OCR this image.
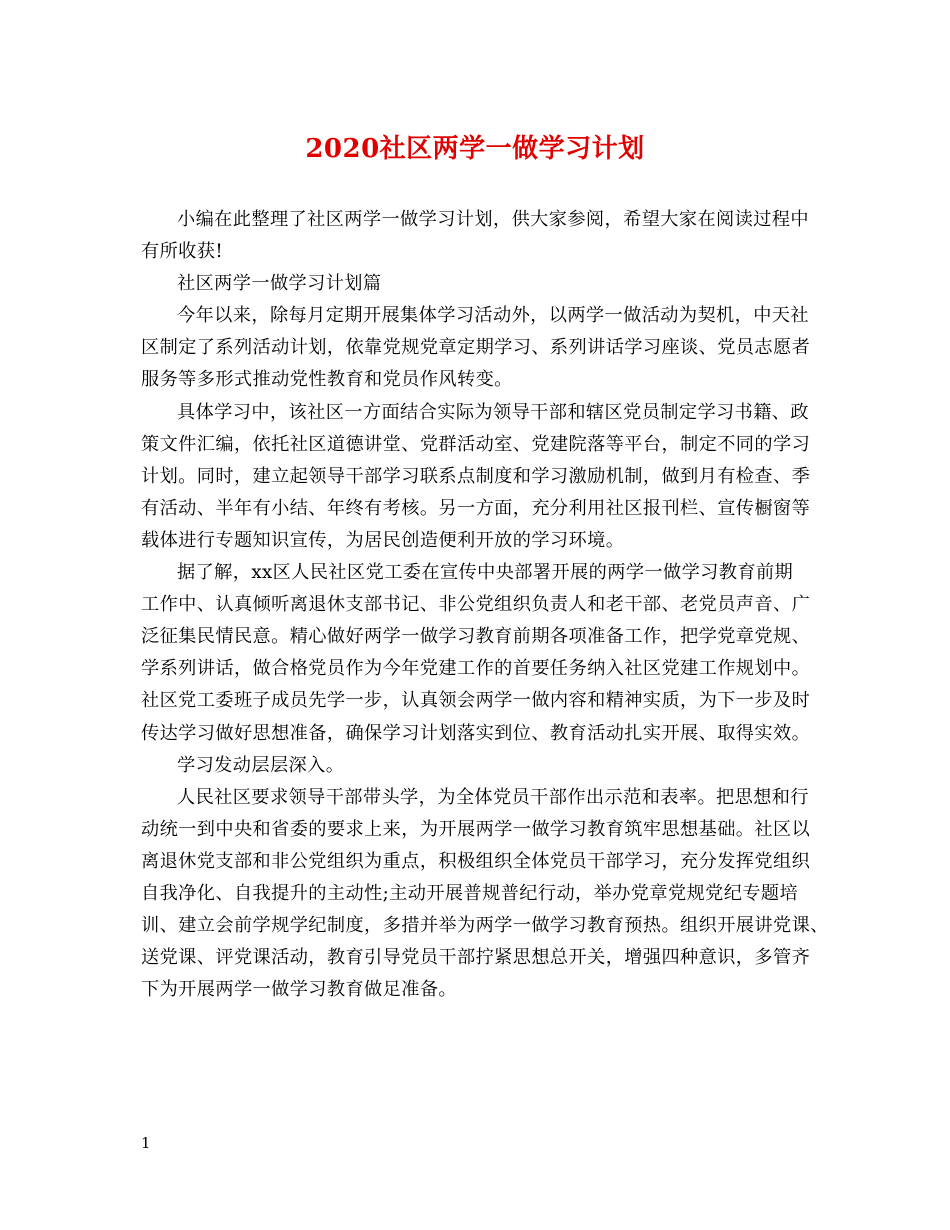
2020社区两学一做学习计划

小编在此整理了社区两学一做学习计划，供大家参阅，希望大家在阅读过程中
有所收获!

社区两学一做学习计划篇

今年以来，除每月定期开展集体学习活动外，以两学一做活动为契机，中天社
区制定了系列活动计划，依靠党规党章定期学习、系列讲话学习座谈、党员志愿者
服务等多形式推动党性教育和党员作风转变。

具体学习中，该社区一方面结合实际为领导干部和辖区党员制定学习书籍、政
策文件汇编，依托社区道德讲堂、党群活动室、党建院落等平台，制定不同的学习
计划。同时，建立起领导干部学习联系点制度和学习激励机制，做到月有检查、季
有活动、半年有小结、年终有考核。另一方面，充分利用社区报刊栏、宣传橱窗等
载体进行专题知识宣传，为居民创造便利开放的学习环境。

据了解，xx区人民社区党工委在宣传中央部署开展的两学一做学习教育前期
工作中、认真倾听离退休支部书记、非公党组织负责人和老干部、老党员声音、广
泛征集民情民意。精心做好两学一做学习教育前期各项准备工作，把学党章党规、
学系列讲话，做合格党员作为今年党建工作的首要任务纳入社区党建工作规划中。
社区党工委班子成员先学一步，认真领会两学一做内容和精神实质，为下一步及时
传达学习做好思想准备，确保学习计划落实到位、教育活动扎实开展、取得实效。

学习发动层层深入。

人民社区要求领导干部带头学，为全体党员干部作出示范和表率。把思想和行
动统一到中央和省委的要求上来，为开展两学一做学习教育筑牢思想基础。社区以
离退休党支部和非公党组织为重点，积极组织全体党员干部学习，充分发挥党组织
自我净化、自我提升的主动性;主动开展普规普纪行动，举办党章党规党纪专题培
训、建立会前学规学纪制度，多措并举为两学一做学习教育预热。组织开展讲党课、
送党课、评党课活动，教育引导党员干部拧紧思想总开关，增强四种意识，多管齐
下为开展两学一做学习教育做足准备。

1
